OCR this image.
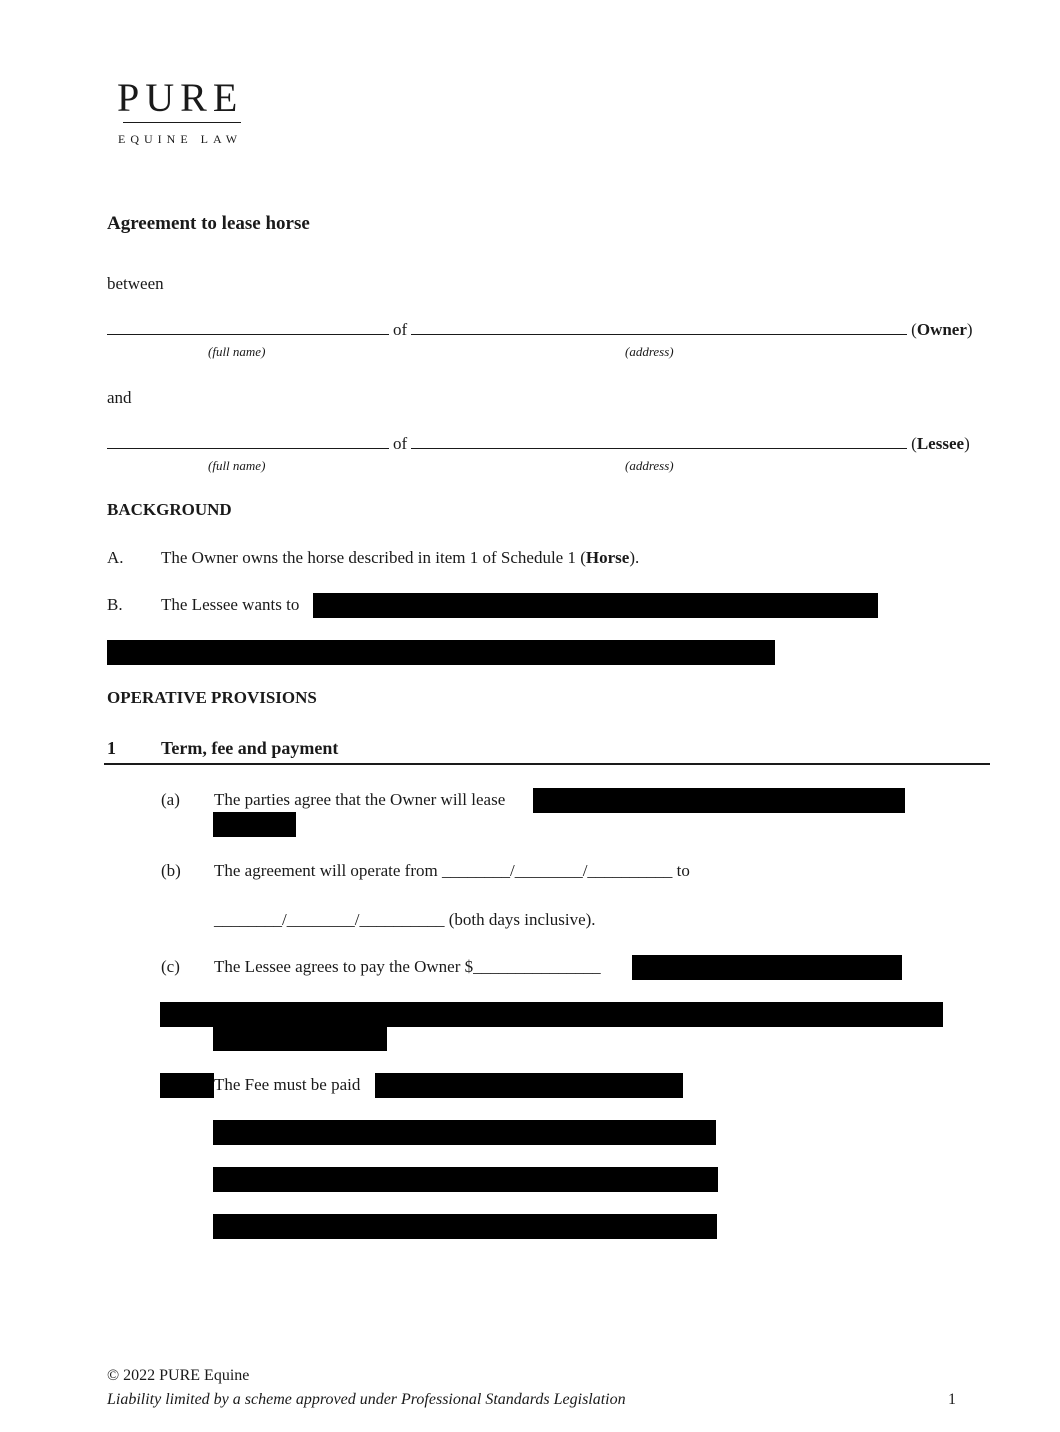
PURE
EQUINE LAW
Agreement to lease horse
between
of	(Owner)
(full name)	(address)
and
of	(Lessee)
(full name)	(address)
BACKGROUND
A. The Owner owns the horse described in item 1 of Schedule 1 (Horse).
B. The Lessee wants to
OPERATIVE PROVISIONS
1	Term, fee and payment
(a) The parties agree that the Owner will lease
(b) The agreement will operate from ________/________/__________ to
________/________/__________ (both days inclusive).
(c) The Lessee agrees to pay the Owner $_______________
The Fee must be paid
© 2022 PURE Equine
Liability limited by a scheme approved under Professional Standards Legislation	1
